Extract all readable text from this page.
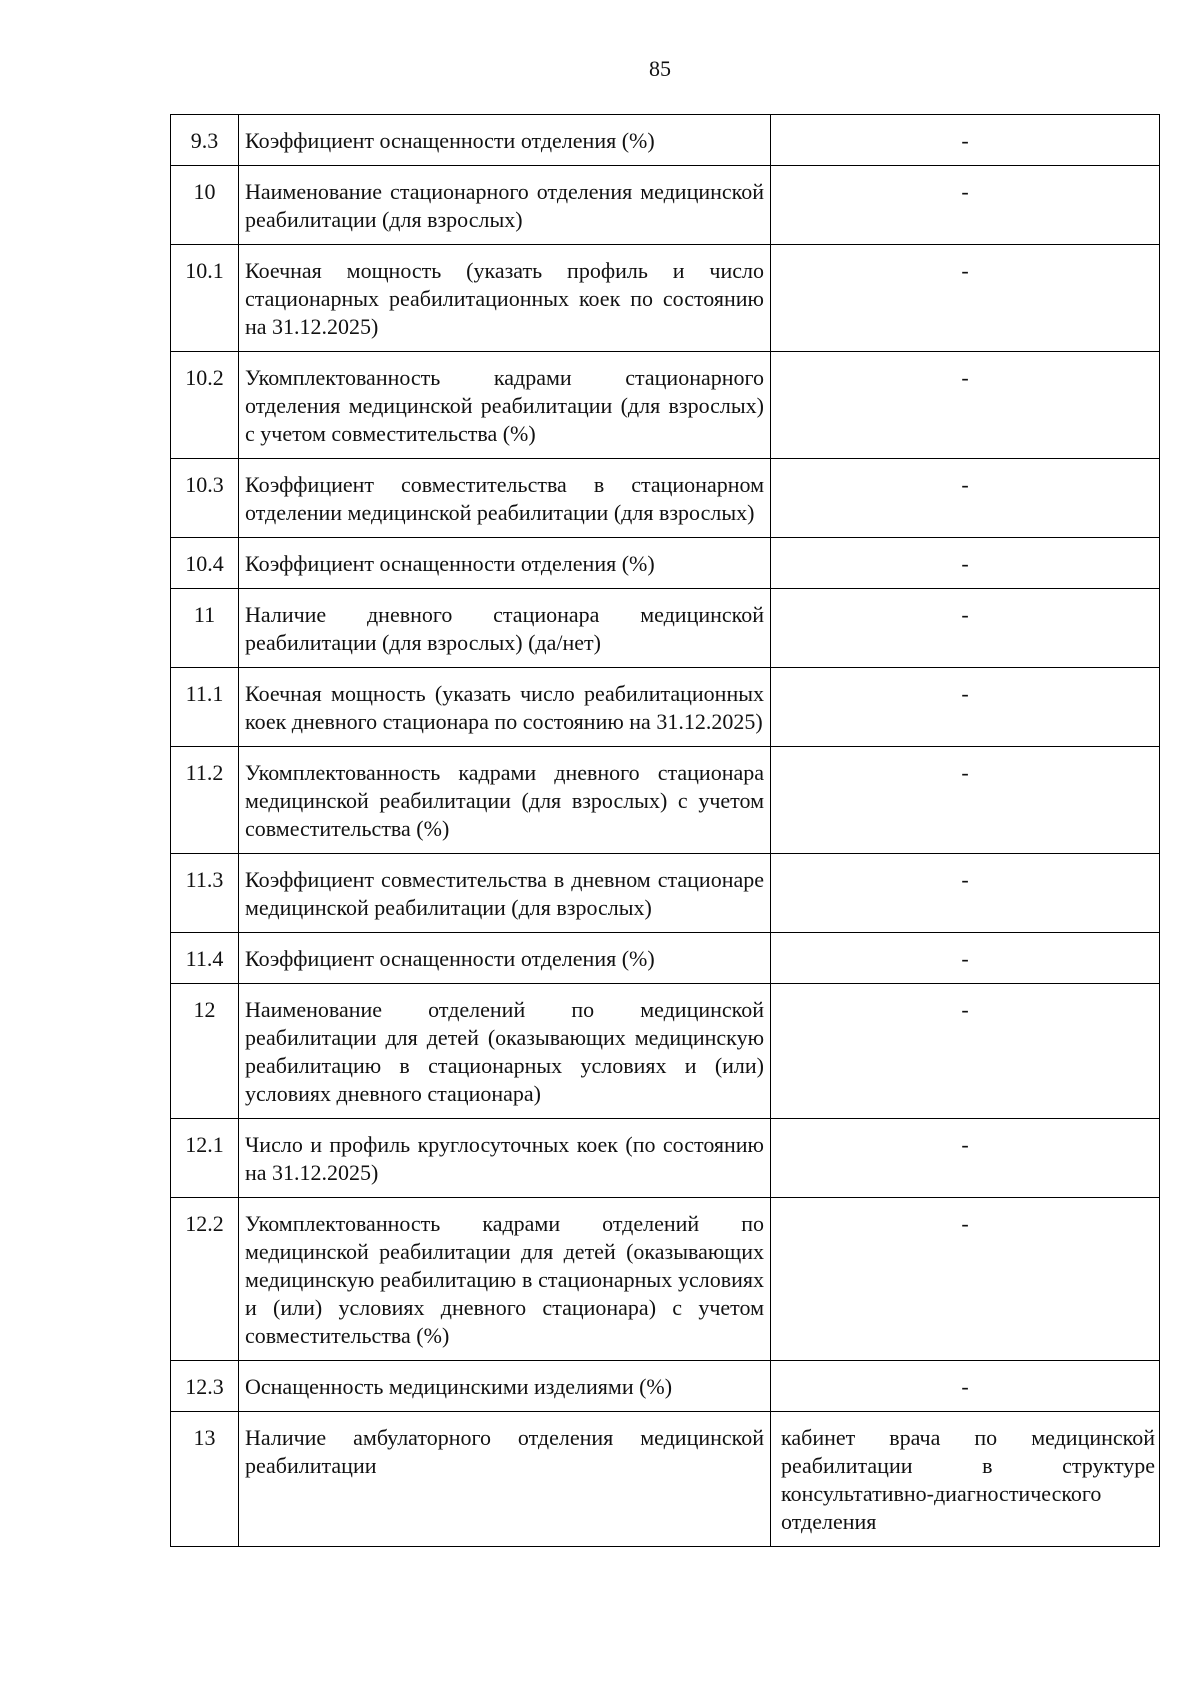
85
9.3	Коэффициент оснащенности отделения (%)	-
10	Наименование стационарного отделения медицинской реабилитации (для взрослых)	-
10.1	Коечная мощность (указать профиль и число стационарных реабилитационных коек по состоянию на 31.12.2025)	-
10.2	Укомплектованность кадрами стационарного отделения медицинской реабилитации (для взрослых) с учетом совместительства (%)	-
10.3	Коэффициент совместительства в стационарном отделении медицинской реабилитации (для взрослых)	-
10.4	Коэффициент оснащенности отделения (%)	-
11	Наличие дневного стационара медицинской реабилитации (для взрослых) (да/нет)	-
11.1	Коечная мощность (указать число реабилитационных коек дневного стационара по состоянию на 31.12.2025)	-
11.2	Укомплектованность кадрами дневного стационара медицинской реабилитации (для взрослых) с учетом совместительства (%)	-
11.3	Коэффициент совместительства в дневном стационаре медицинской реабилитации (для взрослых)	-
11.4	Коэффициент оснащенности отделения (%)	-
12	Наименование отделений по медицинской реабилитации для детей (оказывающих медицинскую реабилитацию в стационарных условиях и (или) условиях дневного стационара)	-
12.1	Число и профиль круглосуточных коек (по состоянию на 31.12.2025)	-
12.2	Укомплектованность кадрами отделений по медицинской реабилитации для детей (оказывающих медицинскую реабилитацию в стационарных условиях и (или) условиях дневного стационара) с учетом совместительства (%)	-
12.3	Оснащенность медицинскими изделиями (%)	-
13	Наличие амбулаторного отделения медицинской реабилитации	кабинет врача по медицинской реабилитации в структуре консультативно-диагностического отделения
